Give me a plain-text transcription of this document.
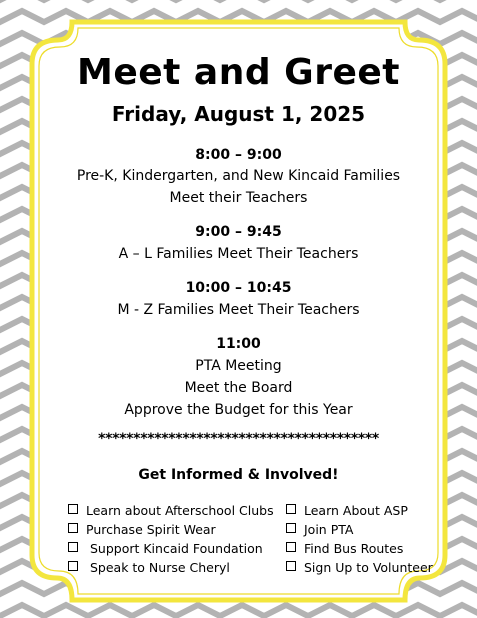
Meet and Greet
Friday, August 1, 2025
8:00 – 9:00
Pre-K, Kindergarten, and New Kincaid Families
Meet their Teachers
9:00 – 9:45
A – L Families Meet Their Teachers
10:00 – 10:45
M - Z Families Meet Their Teachers
11:00
PTA Meeting
Meet the Board
Approve the Budget for this Year
****************************************
Get Informed & Involved!
Learn about Afterschool Clubs
Purchase Spirit Wear
Support Kincaid Foundation
Speak to Nurse Cheryl
Learn About ASP
Join PTA
Find Bus Routes
Sign Up to Volunteer
